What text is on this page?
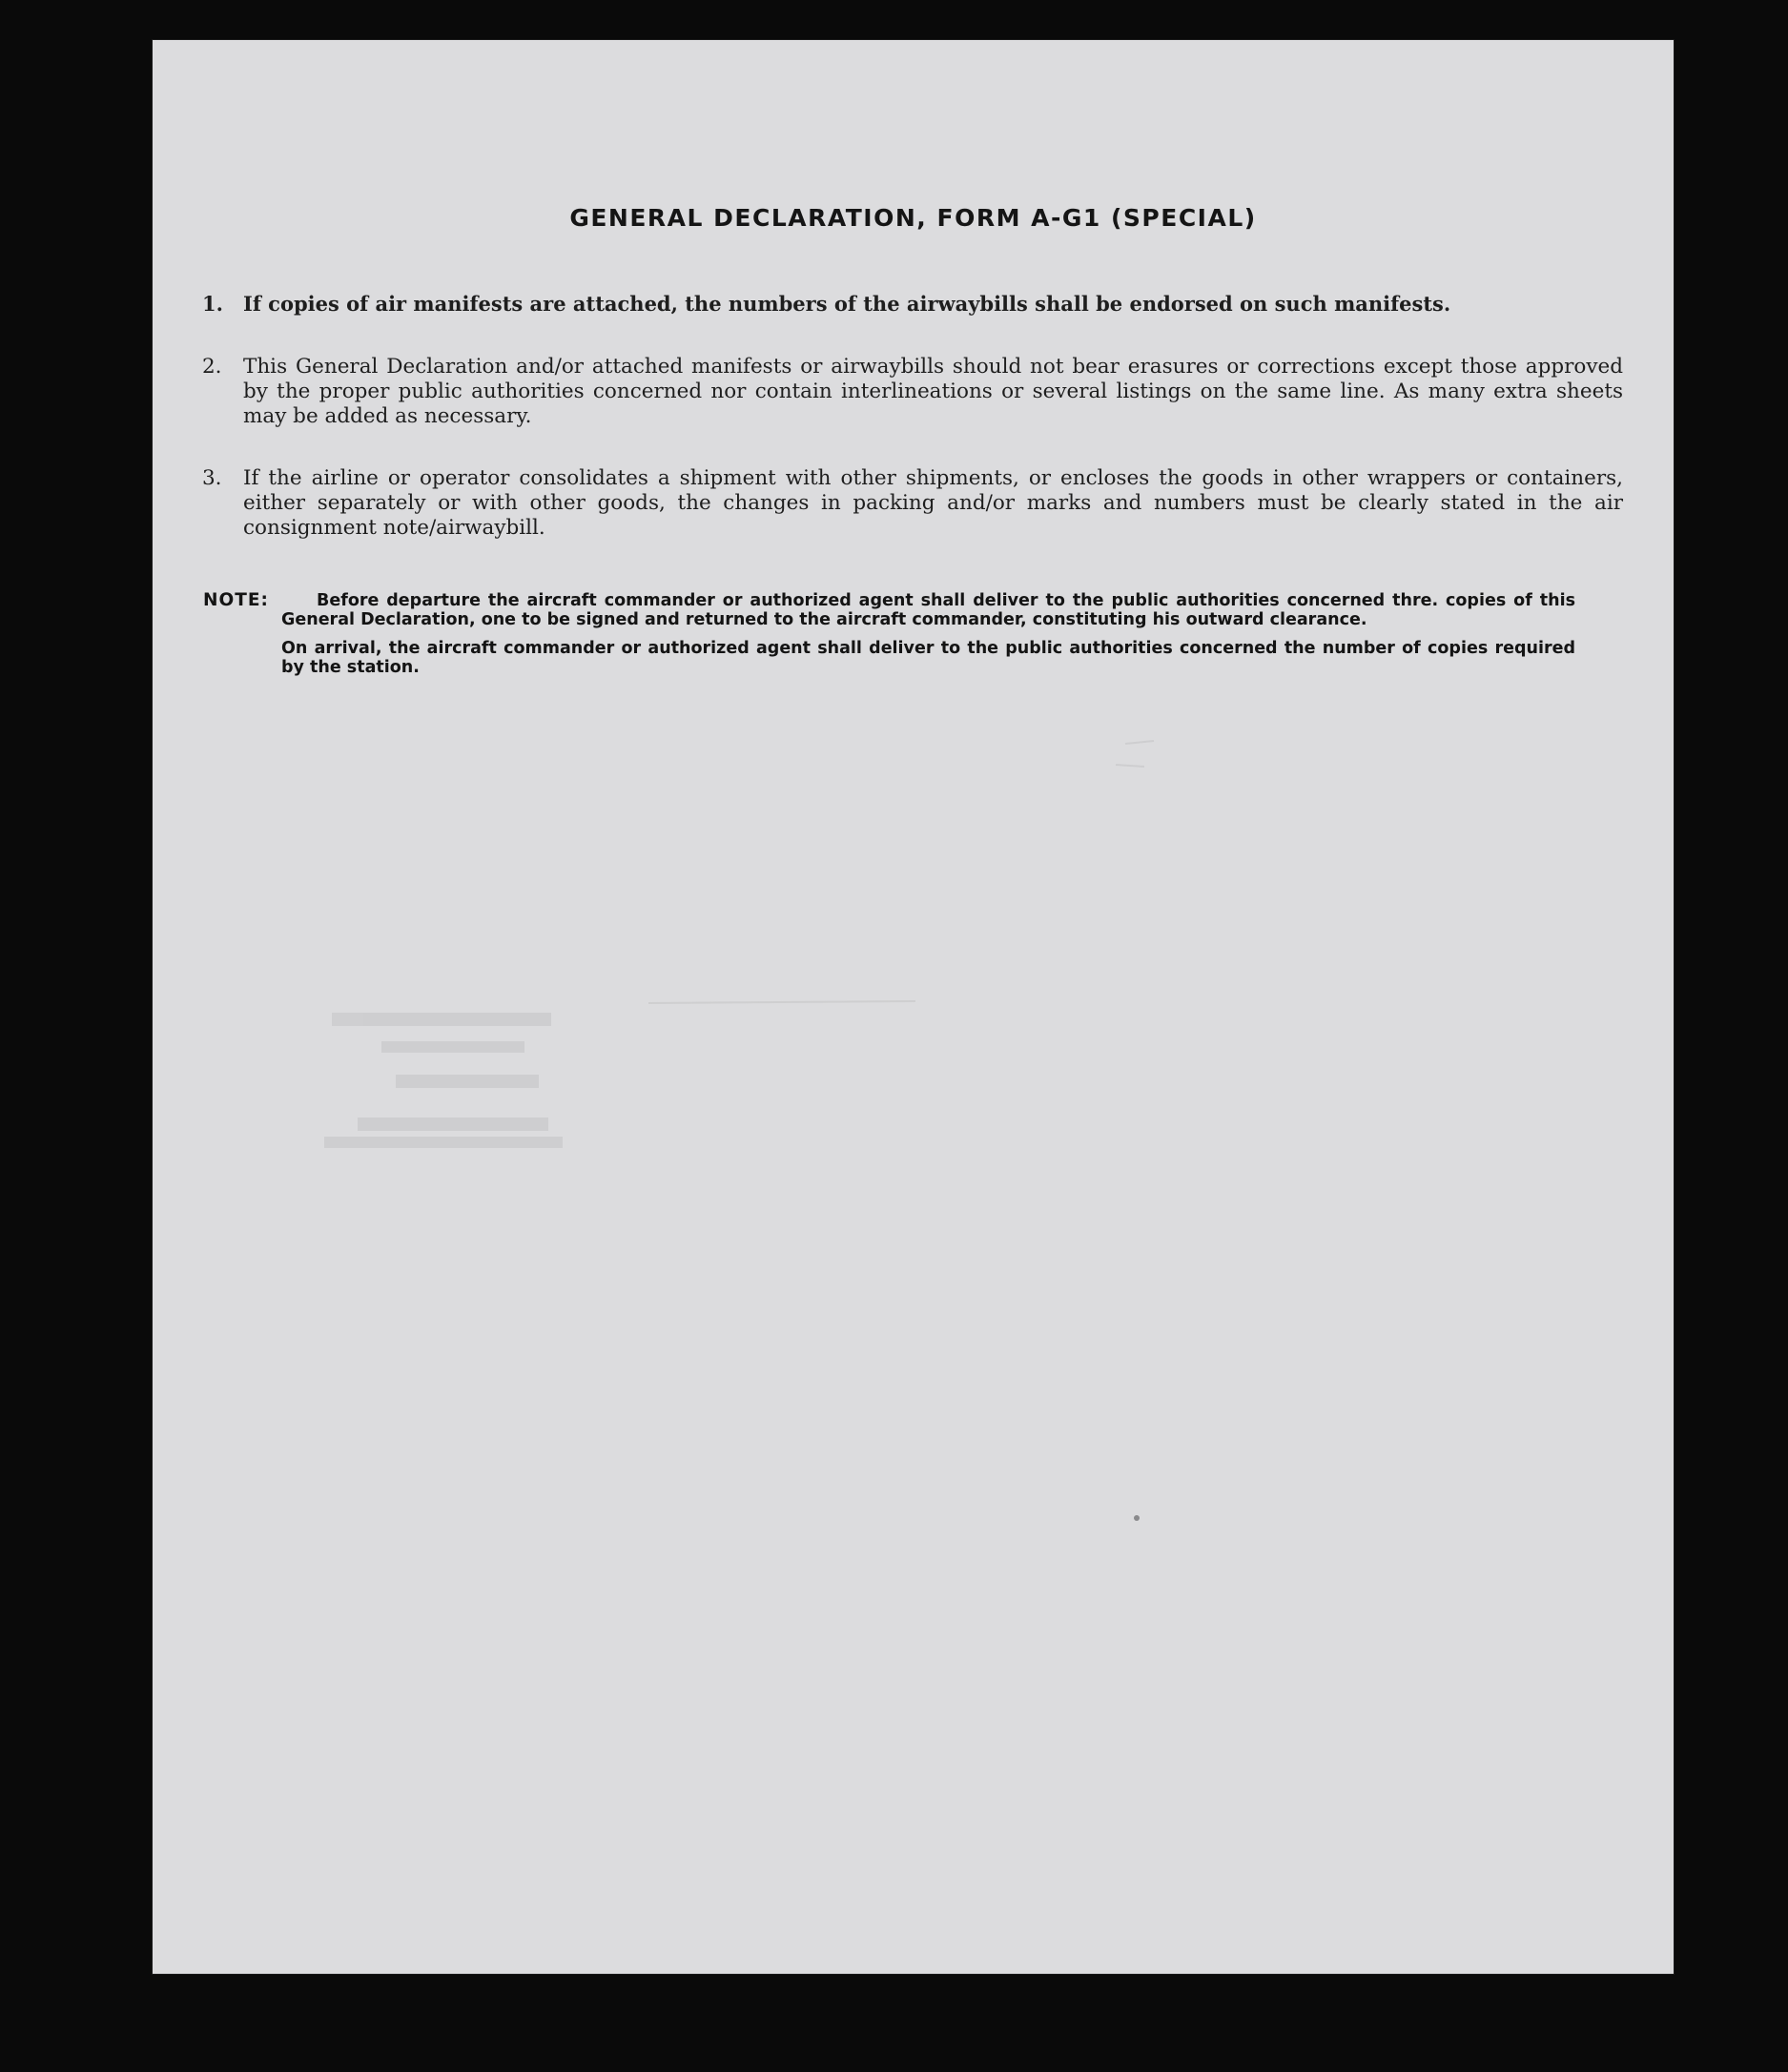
GENERAL DECLARATION, FORM A-G1 (SPECIAL)
1.	If copies of air manifests are attached, the numbers of the airwaybills shall be endorsed on such manifests.
2.	This General Declaration and/or attached manifests or airwaybills should not bear erasures or corrections except those approved by the proper public authorities concerned nor contain interlineations or several listings on the same line. As many extra sheets may be added as necessary.
3.	If the airline or operator consolidates a shipment with other shipments, or encloses the goods in other wrappers or containers, either separately or with other goods, the changes in packing and/or marks and numbers must be clearly stated in the air consignment note/airwaybill.
NOTE:	Before departure the aircraft commander or authorized agent shall deliver to the public authorities concerned thre. copies of this General Declaration, one to be signed and returned to the aircraft commander, constituting his outward clearance.
On arrival, the aircraft commander or authorized agent shall deliver to the public authorities concerned the number of copies required by the station.
